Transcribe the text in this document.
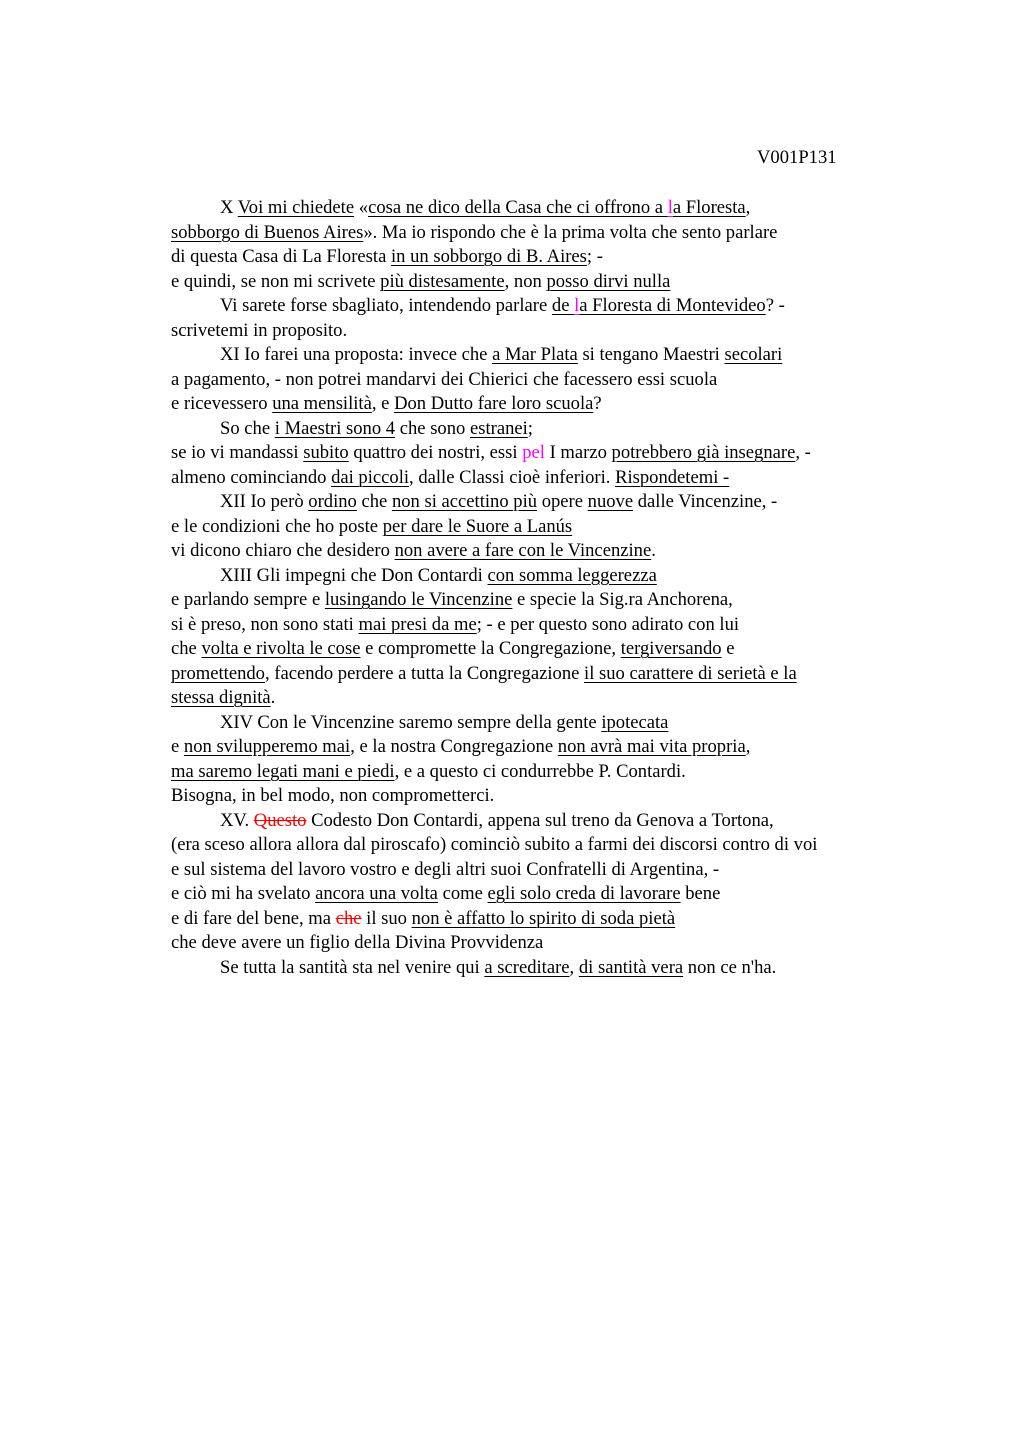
V001P131
X Voi mi chiedete «cosa ne dico della Casa che ci offrono a la Floresta,
sobborgo di Buenos Aires». Ma io rispondo che è la prima volta che sento parlare
di questa Casa di La Floresta in un sobborgo di B. Aires; -
e quindi, se non mi scrivete più distesamente, non posso dirvi nulla
Vi sarete forse sbagliato, intendendo parlare de la Floresta di Montevideo? -
scrivetemi in proposito.
XI Io farei una proposta: invece che a Mar Plata si tengano Maestri secolari
a pagamento, - non potrei mandarvi dei Chierici che facessero essi scuola
e ricevessero una mensilità, e Don Dutto fare loro scuola?
So che i Maestri sono 4 che sono estranei;
se io vi mandassi subito quattro dei nostri, essi pel I marzo potrebbero già insegnare, -
almeno cominciando dai piccoli, dalle Classi cioè inferiori. Rispondetemi -
XII Io però ordino che non si accettino più opere nuove dalle Vincenzine, -
e le condizioni che ho poste per dare le Suore a Lanús
vi dicono chiaro che desidero non avere a fare con le Vincenzine.
XIII Gli impegni che Don Contardi con somma leggerezza
e parlando sempre e lusingando le Vincenzine e specie la Sig.ra Anchorena,
si è preso, non sono stati mai presi da me; - e per questo sono adirato con lui
che volta e rivolta le cose e compromette la Congregazione, tergiversando e
promettendo, facendo perdere a tutta la Congregazione il suo carattere di serietà e la
stessa dignità.
XIV Con le Vincenzine saremo sempre della gente ipotecata
e non svilupperemo mai, e la nostra Congregazione non avrà mai vita propria,
ma saremo legati mani e piedi, e a questo ci condurrebbe P. Contardi.
Bisogna, in bel modo, non comprometterci.
XV. Questo Codesto Don Contardi, appena sul treno da Genova a Tortona,
(era sceso allora allora dal piroscafo) cominciò subito a farmi dei discorsi contro di voi
e sul sistema del lavoro vostro e degli altri suoi Confratelli di Argentina, -
e ciò mi ha svelato ancora una volta come egli solo creda di lavorare bene
e di fare del bene, ma che il suo non è affatto lo spirito di soda pietà
che deve avere un figlio della Divina Provvidenza
Se tutta la santità sta nel venire qui a screditare, di santità vera non ce n'ha.
